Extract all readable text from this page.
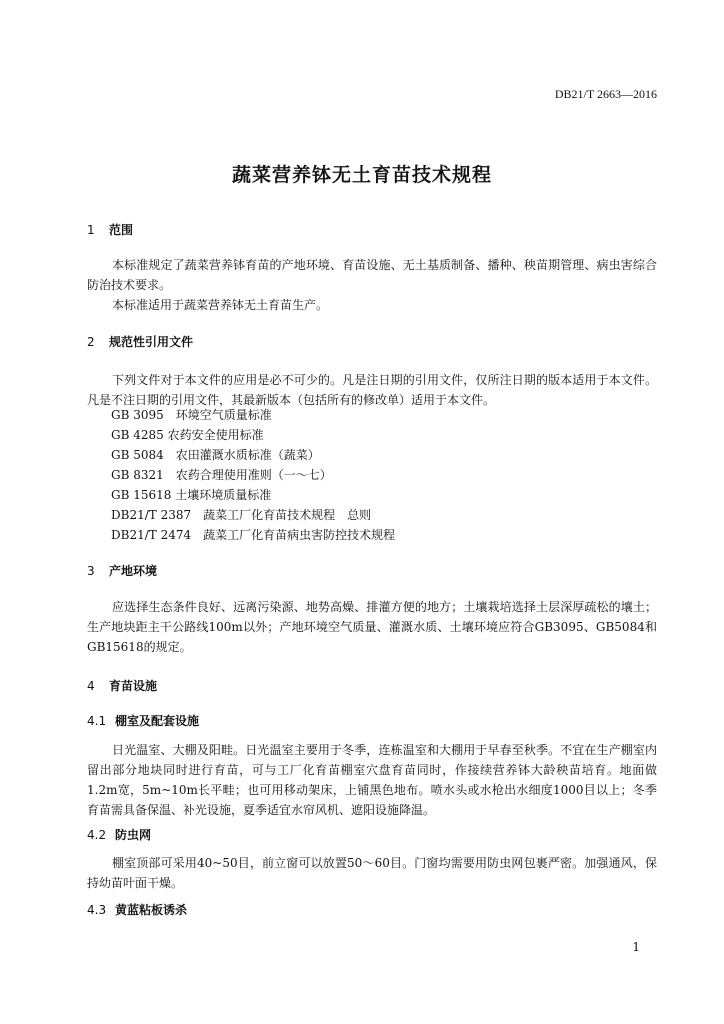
DB21/T 2663—2016
蔬菜营养钵无土育苗技术规程
1 范围
本标准规定了蔬菜营养钵育苗的产地环境、育苗设施、无土基质制备、播种、秧苗期管理、病虫害综合防治技术要求。
本标准适用于蔬菜营养钵无土育苗生产。
2 规范性引用文件
下列文件对于本文件的应用是必不可少的。凡是注日期的引用文件，仅所注日期的版本适用于本文件。凡是不注日期的引用文件，其最新版本（包括所有的修改单）适用于本文件。
GB 3095　环境空气质量标准
GB 4285 农药安全使用标准
GB 5084　农田灌溉水质标准（蔬菜）
GB 8321　农药合理使用准则（一～七）
GB 15618 土壤环境质量标准
DB21/T 2387　蔬菜工厂化育苗技术规程　总则
DB21/T 2474　蔬菜工厂化育苗病虫害防控技术规程
3 产地环境
应选择生态条件良好、远离污染源、地势高燥、排灌方便的地方；土壤栽培选择土层深厚疏松的壤土；生产地块距主干公路线100m以外；产地环境空气质量、灌溉水质、土壤环境应符合GB3095、GB5084和GB15618的规定。
4 育苗设施
4.1 棚室及配套设施
日光温室、大棚及阳畦。日光温室主要用于冬季，连栋温室和大棚用于早春至秋季。不宜在生产棚室内留出部分地块同时进行育苗，可与工厂化育苗棚室穴盘育苗同时，作接续营养钵大龄秧苗培育。地面做1.2m宽，5m~10m长平畦；也可用移动架床，上铺黑色地布。喷水头或水枪出水细度1000目以上；冬季育苗需具备保温、补光设施，夏季适宜水帘风机、遮阳设施降温。
4.2 防虫网
棚室顶部可采用40~50目，前立窗可以放置50～60目。门窗均需要用防虫网包裹严密。加强通风，保持幼苗叶面干燥。
4.3 黄蓝粘板诱杀
1
